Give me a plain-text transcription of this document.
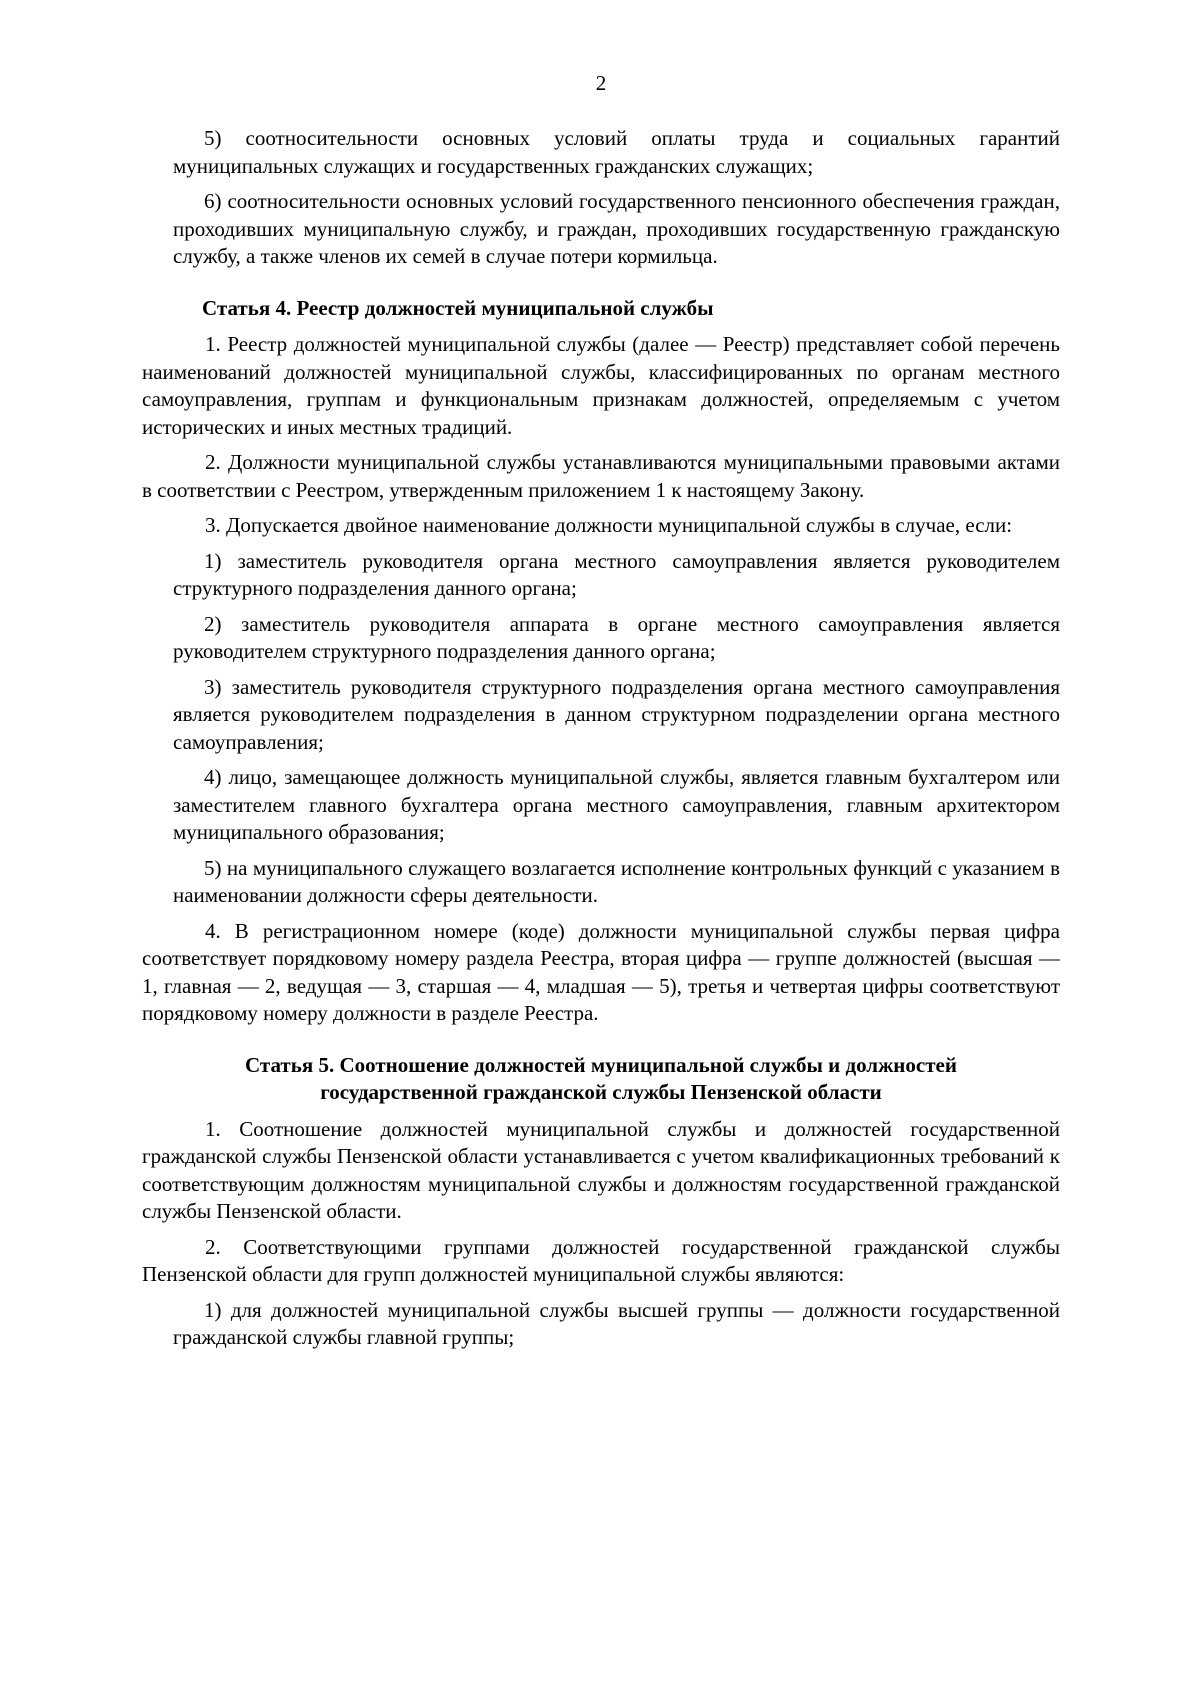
2

5) соотносительности основных условий оплаты труда и социальных гарантий муниципальных служащих и государственных гражданских служащих;

6) соотносительности основных условий государственного пенсионного обеспечения граждан, проходивших муниципальную службу, и граждан, проходивших государственную гражданскую службу, а также членов их семей в случае потери кормильца.

Статья 4. Реестр должностей муниципальной службы

1. Реестр должностей муниципальной службы (далее — Реестр) представляет собой перечень наименований должностей муниципальной службы, классифицированных по органам местного самоуправления, группам и функциональным признакам должностей, определяемым с учетом исторических и иных местных традиций.

2. Должности муниципальной службы устанавливаются муниципальными правовыми актами в соответствии с Реестром, утвержденным приложением 1 к настоящему Закону.

3. Допускается двойное наименование должности муниципальной службы в случае, если:

1) заместитель руководителя органа местного самоуправления является руководителем структурного подразделения данного органа;

2) заместитель руководителя аппарата в органе местного самоуправления является руководителем структурного подразделения данного органа;

3) заместитель руководителя структурного подразделения органа местного самоуправления является руководителем подразделения в данном структурном подразделении органа местного самоуправления;

4) лицо, замещающее должность муниципальной службы, является главным бухгалтером или заместителем главного бухгалтера органа местного самоуправления, главным архитектором муниципального образования;

5) на муниципального служащего возлагается исполнение контрольных функций с указанием в наименовании должности сферы деятельности.

4. В регистрационном номере (коде) должности муниципальной службы первая цифра соответствует порядковому номеру раздела Реестра, вторая цифра — группе должностей (высшая — 1, главная — 2, ведущая — 3, старшая — 4, младшая — 5), третья и четвертая цифры соответствуют порядковому номеру должности в разделе Реестра.

Статья 5. Соотношение должностей муниципальной службы и должностей
государственной гражданской службы Пензенской области

1. Соотношение должностей муниципальной службы и должностей государственной гражданской службы Пензенской области устанавливается с учетом квалификационных требований к соответствующим должностям муниципальной службы и должностям государственной гражданской службы Пензенской области.

2. Соответствующими группами должностей государственной гражданской службы Пензенской области для групп должностей муниципальной службы являются:

1) для должностей муниципальной службы высшей группы — должности государственной гражданской службы главной группы;
